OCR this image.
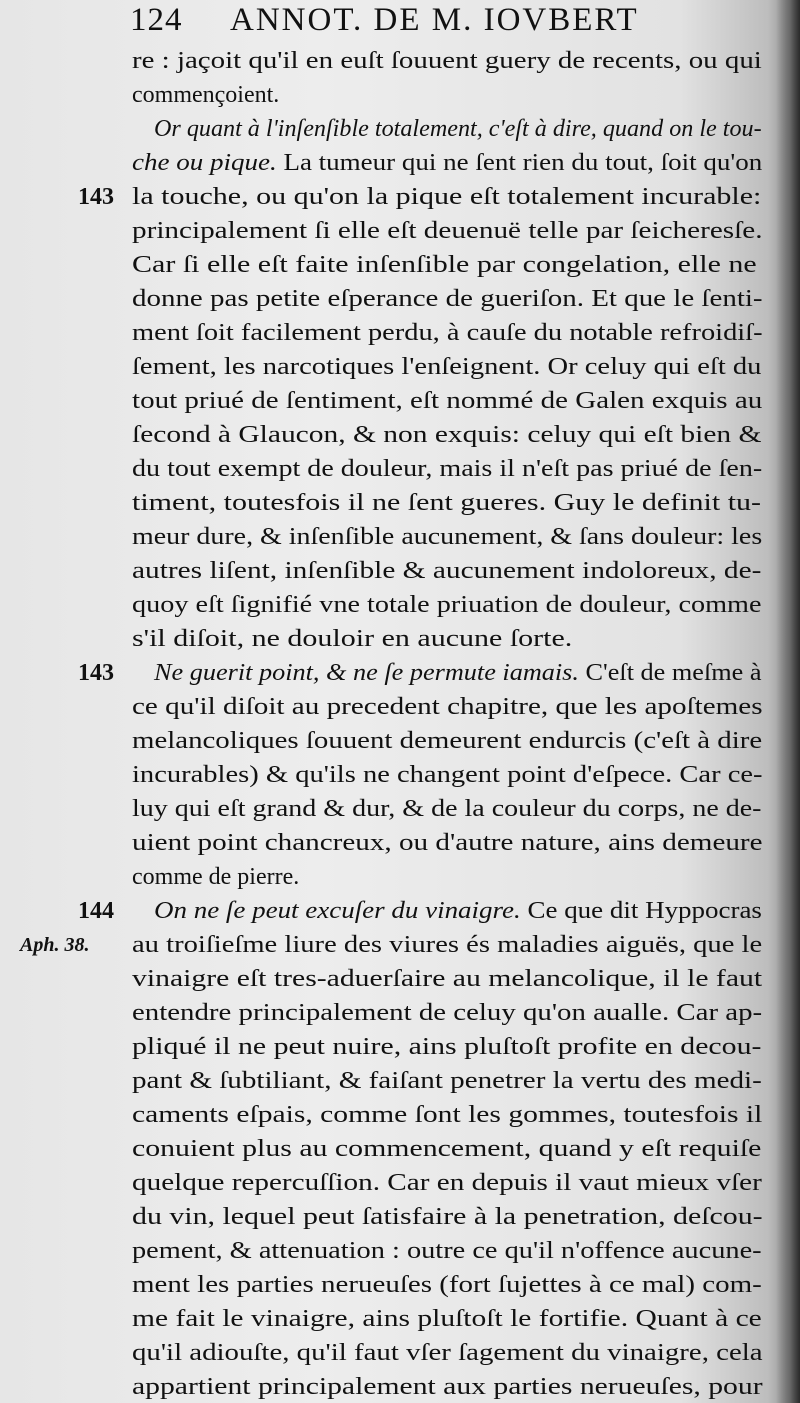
124 ANNOT. DE M. IOVBERT
re : jaçoit qu'il en euſt ſouuent guery de recents, ou qui
commençoient.
Or quant à l'inſenſible totalement, c'eſt à dire, quand on le tou-
che ou pique. La tumeur qui ne ſent rien du tout, ſoit qu'on
la touche, ou qu'on la pique eſt totalement incurable:
principalement ſi elle eſt deuenuë telle par ſeicheresſe.
Car ſi elle eſt faite inſenſible par congelation, elle ne
donne pas petite eſperance de gueriſon. Et que le ſenti-
ment ſoit facilement perdu, à cauſe du notable refroidiſ-
ſement, les narcotiques l'enſeignent. Or celuy qui eſt du
tout priué de ſentiment, eſt nommé de Galen exquis au
ſecond à Glaucon, & non exquis: celuy qui eſt bien &
du tout exempt de douleur, mais il n'eſt pas priué de ſen-
timent, toutesfois il ne ſent gueres. Guy le definit tu-
meur dure, & inſenſible aucunement, & ſans douleur: les
autres liſent, inſenſible & aucunement indoloreux, de-
quoy eſt ſignifié vne totale priuation de douleur, comme
s'il diſoit, ne douloir en aucune ſorte.
Ne guerit point, & ne ſe permute iamais. C'eſt de meſme à
ce qu'il diſoit au precedent chapitre, que les apoſtemes
melancoliques ſouuent demeurent endurcis (c'eſt à dire
incurables) & qu'ils ne changent point d'eſpece. Car ce-
luy qui eſt grand & dur, & de la couleur du corps, ne de-
uient point chancreux, ou d'autre nature, ains demeure
comme de pierre.
On ne ſe peut excuſer du vinaigre. Ce que dit Hyppocras
au troiſieſme liure des viures és maladies aiguës, que le
vinaigre eſt tres-aduerſaire au melancolique, il le faut
entendre principalement de celuy qu'on aualle. Car ap-
pliqué il ne peut nuire, ains pluſtoſt profite en decou-
pant & ſubtiliant, & faiſant penetrer la vertu des medi-
caments eſpais, comme ſont les gommes, toutesfois il
conuient plus au commencement, quand y eſt requiſe
quelque repercuſſion. Car en depuis il vaut mieux vſer
du vin, lequel peut ſatisfaire à la penetration, deſcou-
pement, & attenuation : outre ce qu'il n'offence aucune-
ment les parties nerueuſes (fort ſujettes à ce mal) com-
me fait le vinaigre, ains pluſtoſt le fortifie. Quant à ce
qu'il adiouſte, qu'il faut vſer ſagement du vinaigre, cela
appartient principalement aux parties nerueuſes, pour
143
143
144
Aph. 38.
